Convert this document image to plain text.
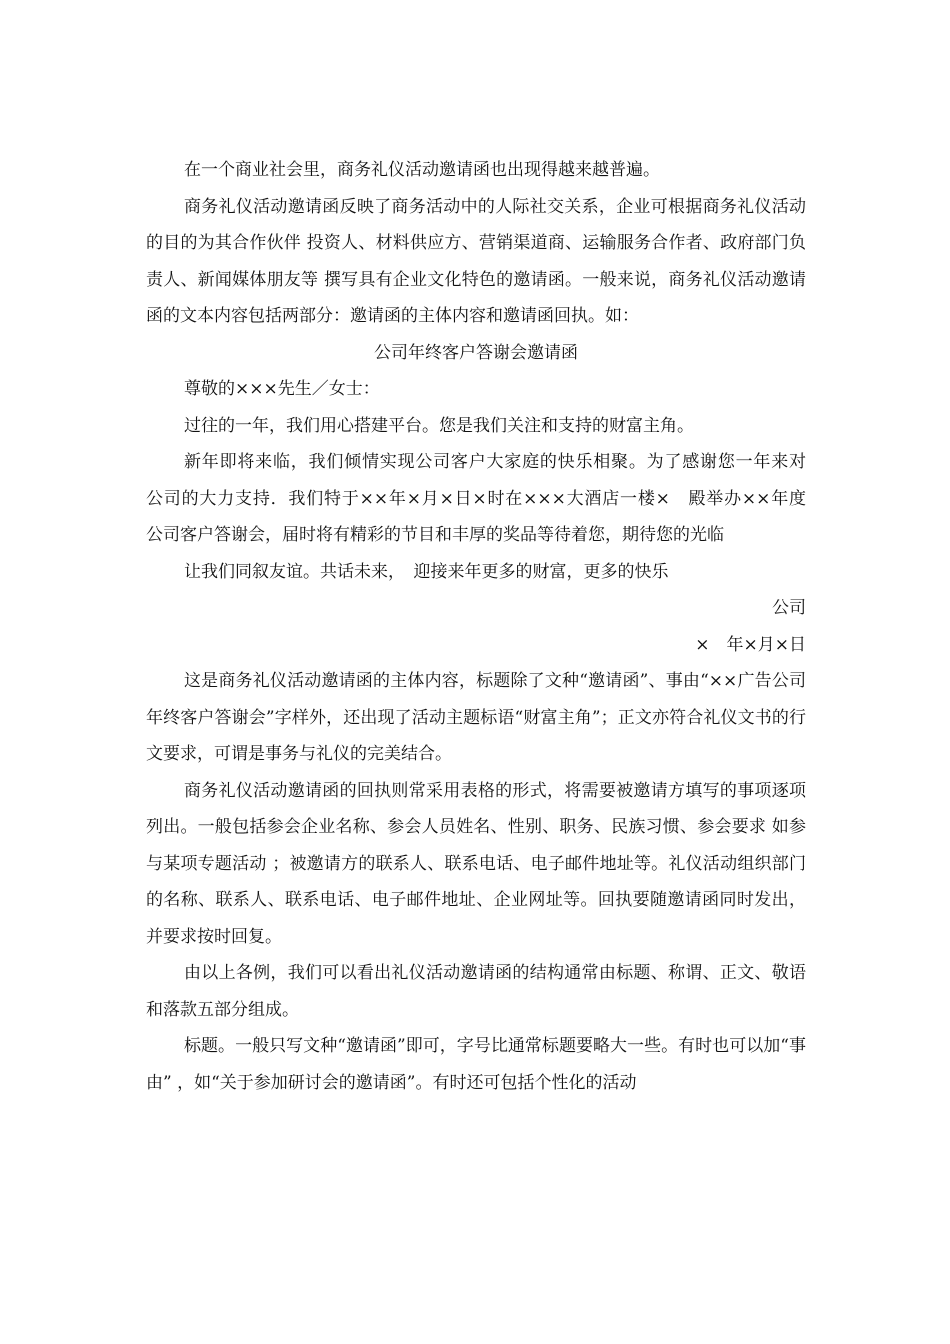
在一个商业社会里，商务礼仪活动邀请函也出现得越来越普遍。

商务礼仪活动邀请函反映了商务活动中的人际社交关系，企业可根据商务礼仪活动的目的为其合作伙伴 投资人、材料供应方、营销渠道商、运输服务合作者、政府部门负责人、新闻媒体朋友等 撰写具有企业文化特色的邀请函。一般来说，商务礼仪活动邀请函的文本内容包括两部分：邀请函的主体内容和邀请函回执。如：

公司年终客户答谢会邀请函

尊敬的×××先生／女士：

过往的一年，我们用心搭建平台。您是我们关注和支持的财富主角。

新年即将来临，我们倾情实现公司客户大家庭的快乐相聚。为了感谢您一年来对　　　　公司的大力支持．我们特于××年×月×日×时在×××大酒店一楼×　殿举办××年度　　　　公司客户答谢会，届时将有精彩的节目和丰厚的奖品等待着您，期待您的光临

让我们同叙友谊。共话未来，　迎接来年更多的财富，更多的快乐

公司

×　年×月×日

这是商务礼仪活动邀请函的主体内容，标题除了文种“邀请函”、事由“××广告公司年终客户答谢会”字样外，还出现了活动主题标语“财富主角”；正文亦符合礼仪文书的行文要求，可谓是事务与礼仪的完美结合。

商务礼仪活动邀请函的回执则常采用表格的形式，将需要被邀请方填写的事项逐项列出。一般包括参会企业名称、参会人员姓名、性别、职务、民族习惯、参会要求 如参与某项专题活动 ；被邀请方的联系人、联系电话、电子邮件地址等。礼仪活动组织部门的名称、联系人、联系电话、电子邮件地址、企业网址等。回执要随邀请函同时发出，并要求按时回复。

由以上各例，我们可以看出礼仪活动邀请函的结构通常由标题、称谓、正文、敬语和落款五部分组成。

标题。一般只写文种“邀请函”即可，字号比通常标题要略大一些。有时也可以加“事由” ，如“关于参加研讨会的邀请函”。有时还可包括个性化的活动
